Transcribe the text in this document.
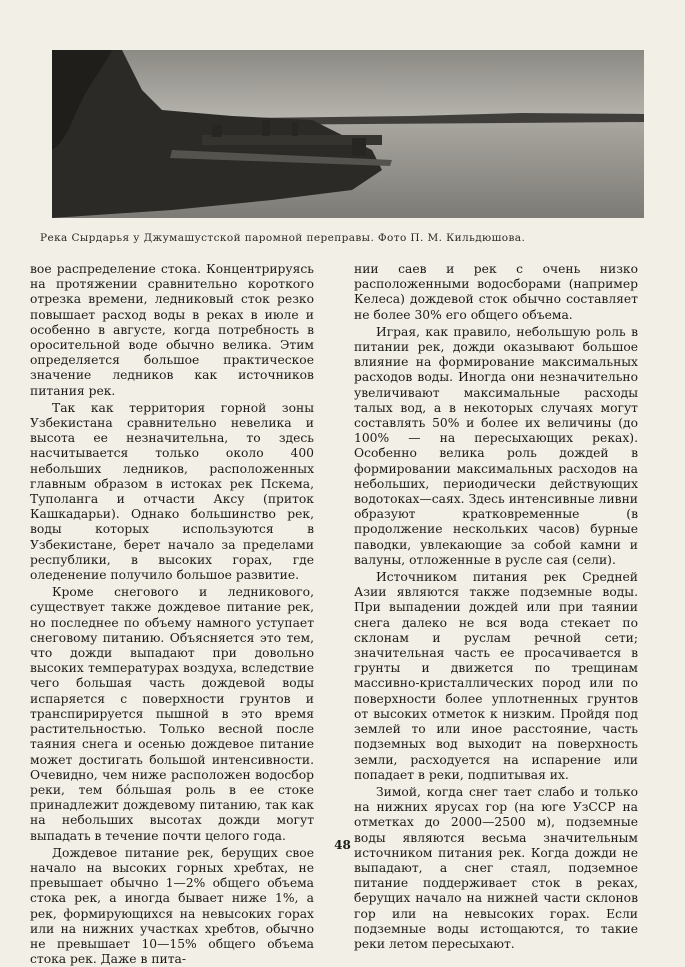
Река Сырдарья у Джумашустской паромной переправы. Фото П. М. Кильдюшова.

вое распределение стока. Концентрируясь на протяжении сравнительно короткого отрезка времени, ледниковый сток резко повышает расход воды в реках в июле и особенно в августе, когда потребность в оросительной воде обычно велика. Этим определяется большое практическое значение ледников как источников питания рек.

Так как территория горной зоны Узбекистана сравнительно невелика и высота ее незначительна, то здесь насчитывается только около 400 небольших ледников, расположенных главным образом в истоках рек Пскема, Туполанга и отчасти Аксу (приток Кашкадарьи). Однако большинство рек, воды которых используются в Узбекистане, берет начало за пределами республики, в высоких горах, где оледенение получило большое развитие.

Кроме снегового и ледникового, существует также дождевое питание рек, но последнее по объему намного уступает снеговому питанию. Объясняется это тем, что дожди выпадают при довольно высоких температурах воздуха, вследствие чего большая часть дождевой воды испаряется с поверхности грунтов и транспирируется пышной в это время растительностью. Только весной после таяния снега и осенью дождевое питание может достигать большой интенсивности. Очевидно, чем ниже расположен водосбор реки, тем бо́льшая роль в ее стоке принадлежит дождевому питанию, так как на небольших высотах дожди могут выпадать в течение почти целого года.

Дождевое питание рек, берущих свое начало на высоких горных хребтах, не превышает обычно 1—2% общего объема стока рек, а иногда бывает ниже 1%, а рек, формирующихся на невысоких горах или на нижних участках хребтов, обычно не превышает 10—15% общего объема стока рек. Даже в пита-

нии саев и рек с очень низко расположенными водосборами (например Келеса) дождевой сток обычно составляет не более 30% его общего объема.

Играя, как правило, небольшую роль в питании рек, дожди оказывают большое влияние на формирование максимальных расходов воды. Иногда они незначительно увеличивают максимальные расходы талых вод, а в некоторых случаях могут составлять 50% и более их величины (до 100% — на пересыхающих реках). Особенно велика роль дождей в формировании максимальных расходов на небольших, периодически действующих водотоках—саях. Здесь интенсивные ливни образуют кратковременные (в продолжение нескольких часов) бурные паводки, увлекающие за собой камни и валуны, отложенные в русле сая (сели).

Источником питания рек Средней Азии являются также подземные воды. При выпадении дождей или при таянии снега далеко не вся вода стекает по склонам и руслам речной сети; значительная часть ее просачивается в грунты и движется по трещинам массивно-кристаллических пород или по поверхности более уплотненных грунтов от высоких отметок к низким. Пройдя под землей то или иное расстояние, часть подземных вод выходит на поверхность земли, расходуется на испарение или попадает в реки, подпитывая их.

Зимой, когда снег тает слабо и только на нижних ярусах гор (на юге УзССР на отметках до 2000—2500 м), подземные воды являются весьма значительным источником питания рек. Когда дожди не выпадают, а снег стаял, подземное питание поддерживает сток в реках, берущих начало на нижней части склонов гор или на невысоких горах. Если подземные воды истощаются, то такие реки летом пересыхают.

48
